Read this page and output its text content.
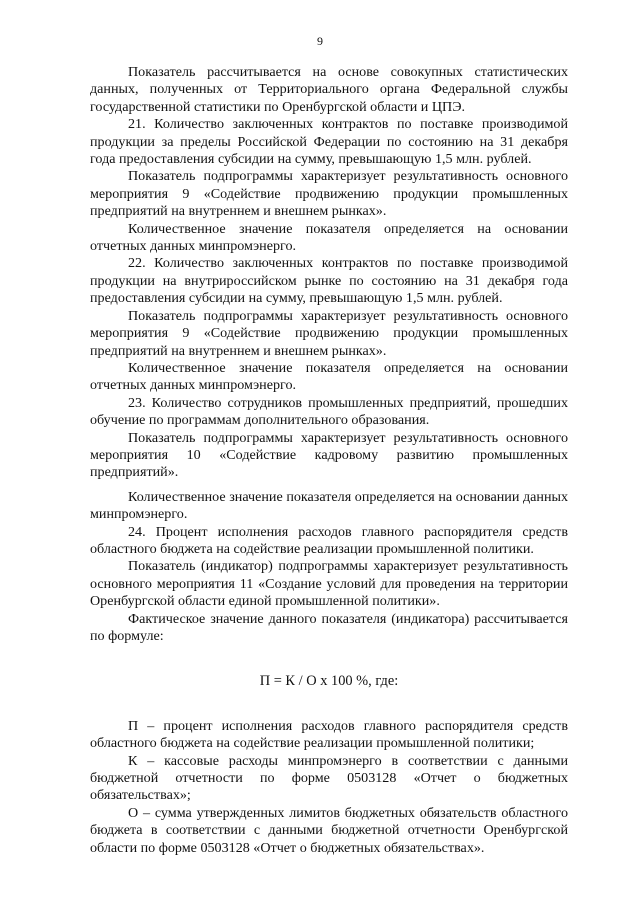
9

Показатель рассчитывается на основе совокупных статистических данных, полученных от Территориального органа Федеральной службы государственной статистики по Оренбургской области и ЦПЭ.

21. Количество заключенных контрактов по поставке производимой продукции за пределы Российской Федерации по состоянию на 31 декабря года предоставления субсидии на сумму, превышающую 1,5 млн. рублей.

Показатель подпрограммы характеризует результативность основного мероприятия 9 «Содействие продвижению продукции промышленных предприятий на внутреннем и внешнем рынках».

Количественное значение показателя определяется на основании отчетных данных минпромэнерго.

22. Количество заключенных контрактов по поставке производимой продукции на внутрироссийском рынке по состоянию на 31 декабря года предоставления субсидии на сумму, превышающую 1,5 млн. рублей.

Показатель подпрограммы характеризует результативность основного мероприятия 9 «Содействие продвижению продукции промышленных предприятий на внутреннем и внешнем рынках».

Количественное значение показателя определяется на основании отчетных данных минпромэнерго.

23. Количество сотрудников промышленных предприятий, прошедших обучение по программам дополнительного образования.

Показатель подпрограммы характеризует результативность основного мероприятия 10 «Содействие кадровому развитию промышленных предприятий».

Количественное значение показателя определяется на основании данных минпромэнерго.

24. Процент исполнения расходов главного распорядителя средств областного бюджета на содействие реализации промышленной политики.

Показатель (индикатор) подпрограммы характеризует результативность основного мероприятия 11 «Создание условий для проведения на территории Оренбургской области единой промышленной политики».

Фактическое значение данного показателя (индикатора) рассчитывается по формуле:

П = К / О х 100 %, где:

П – процент исполнения расходов главного распорядителя средств областного бюджета на содействие реализации промышленной политики;

К – кассовые расходы минпромэнерго в соответствии с данными бюджетной отчетности по форме 0503128 «Отчет о бюджетных обязательствах»;

О – сумма утвержденных лимитов бюджетных обязательств областного бюджета в соответствии с данными бюджетной отчетности Оренбургской области по форме 0503128 «Отчет о бюджетных обязательствах».
